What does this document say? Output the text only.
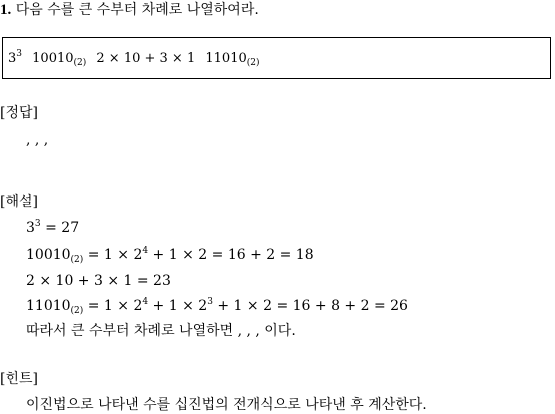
1. 다음 수를 큰 수부터 차례로 나열하여라.
$3^3$ $10010_{(2)}$ 2 × 10 + 3 × 1 $11010_{(2)}$
[정답]
, , ,
[해설]
$3^3 = 27$
$10010_{(2)} = 1 \times 2^4 + 1 \times 2 = 16 + 2 = 18$
2 × 10 + 3 × 1 = 23
$11010_{(2)} = 1 \times 2^4 + 1 \times 2^3 + 1 \times 2 = 16 + 8 + 2 = 26$
따라서 큰 수부터 차례로 나열하면 , , , 이다.
[힌트]
이진법으로 나타낸 수를 십진법의 전개식으로 나타낸 후 계산한다.
